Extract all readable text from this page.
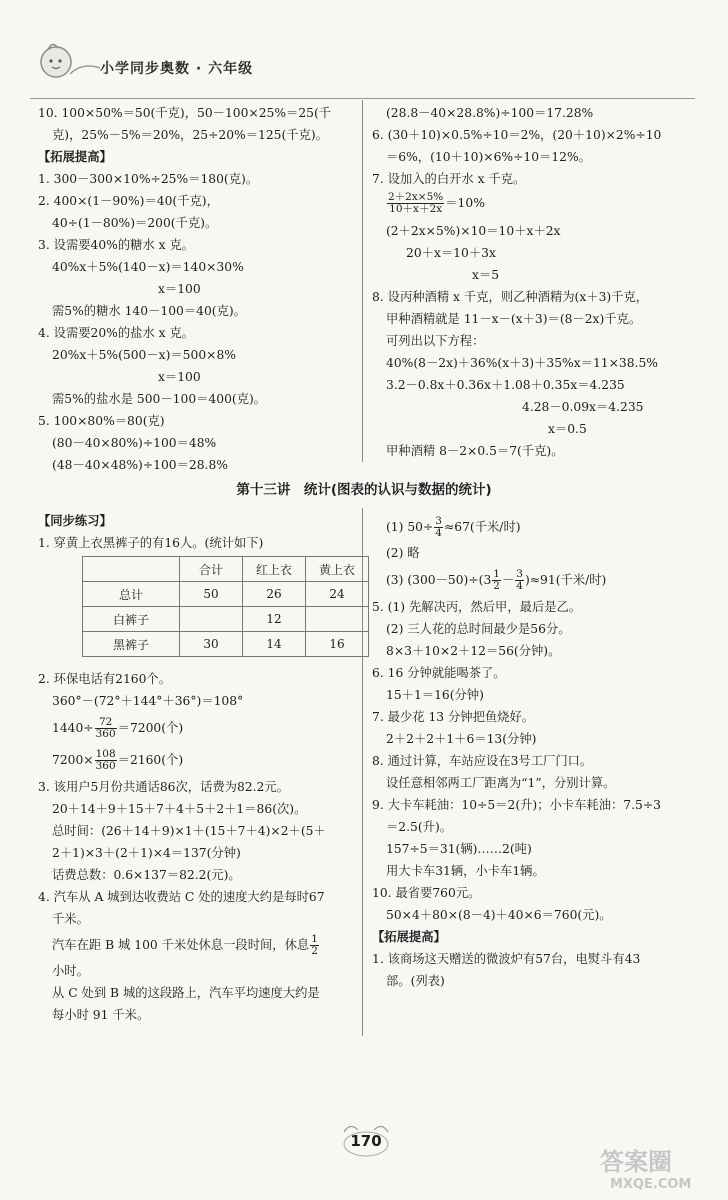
小学同步奥数 · 六年级
10. 100×50%＝50(千克)，50－100×25%＝25(千
克)，25%－5%＝20%，25÷20%＝125(千克)。
【拓展提高】
1. 300－300×10%÷25%＝180(克)。
2. 400×(1－90%)＝40(千克)，
40÷(1－80%)＝200(千克)。
3. 设需要40%的糖水 x 克。
40%x＋5%(140－x)＝140×30%
x＝100
需5%的糖水 140－100＝40(克)。
4. 设需要20%的盐水 x 克。
20%x＋5%(500－x)＝500×8%
x＝100
需5%的盐水是 500－100＝400(克)。
5. 100×80%＝80(克)
(80－40×80%)÷100＝48%
(48－40×48%)÷100＝28.8%
(28.8－40×28.8%)÷100＝17.28%
6. (30＋10)×0.5%÷10＝2%，(20＋10)×2%÷10
＝6%，(10＋10)×6%÷10＝12%。
7. 设加入的白开水 x 千克。
$\frac{2+2x\times 5\%}{10+x+2x} =10\%$
(2＋2x×5%)×10＝10＋x＋2x
20＋x＝10＋3x
x＝5
8. 设丙种酒精 x 千克，则乙种酒精为(x＋3)千克，
甲种酒精就是 11－x－(x＋3)＝(8－2x)千克。
可列出以下方程：
40%(8－2x)＋36%(x＋3)＋35%x＝11×38.5%
3.2－0.8x＋0.36x＋1.08＋0.35x＝4.235
4.28－0.09x＝4.235
x＝0.5
甲种酒精 8－2×0.5＝7(千克)。
第十三讲　统计(图表的认识与数据的统计)
【同步练习】
1. 穿黄上衣黑裤子的有16人。(统计如下)
	合计	红上衣	黄上衣
总计	50	26	24
白裤子		12	
黑裤子	30	14	16
2. 环保电话有2160个。
360°－(72°＋144°＋36°)＝108°
$1440\div \frac{72}{360} =7200$(个)
$7200\times \frac{108}{360} =2160$(个)
3. 该用户5月份共通话86次，话费为82.2元。
20＋14＋9＋15＋7＋4＋5＋2＋1＝86(次)。
总时间：(26＋14＋9)×1＋(15＋7＋4)×2＋(5＋
2＋1)×3＋(2＋1)×4＝137(分钟)
话费总数：0.6×137＝82.2(元)。
4. 汽车从 A 城到达收费站 C 处的速度大约是每时67
千米。
汽车在距 B 城 100 千米处休息一段时间，休息 $\frac{1}{2}$
小时。
从 C 处到 B 城的这段路上，汽车平均速度大约是
每小时 91 千米。
(1) $50\div \frac{3}{4} \approx 67$(千米/时)
(2) 略
(3) $(300-50)\div(3 \frac{1}{2} - \frac{3}{4} )\approx 91$(千米/时)
5. (1) 先解决丙，然后甲，最后是乙。
(2) 三人花的总时间最少是56分。
8×3＋10×2＋12＝56(分钟)。
6. 16 分钟就能喝茶了。
15＋1＝16(分钟)
7. 最少花 13 分钟把鱼烧好。
2＋2＋2＋1＋6＝13(分钟)
8. 通过计算，车站应设在3号工厂门口。
设任意相邻两工厂距离为“1”，分别计算。
9. 大卡车耗油：10÷5＝2(升)；小卡车耗油：7.5÷3
＝2.5(升)。
157÷5＝31(辆)……2(吨)
用大卡车31辆，小卡车1辆。
10. 最省要760元。
50×4＋80×(8－4)＋40×6＝760(元)。
【拓展提高】
1. 该商场这天赠送的微波炉有57台，电熨斗有43
部。(列表)
170
答案圈
MXQE.COM
